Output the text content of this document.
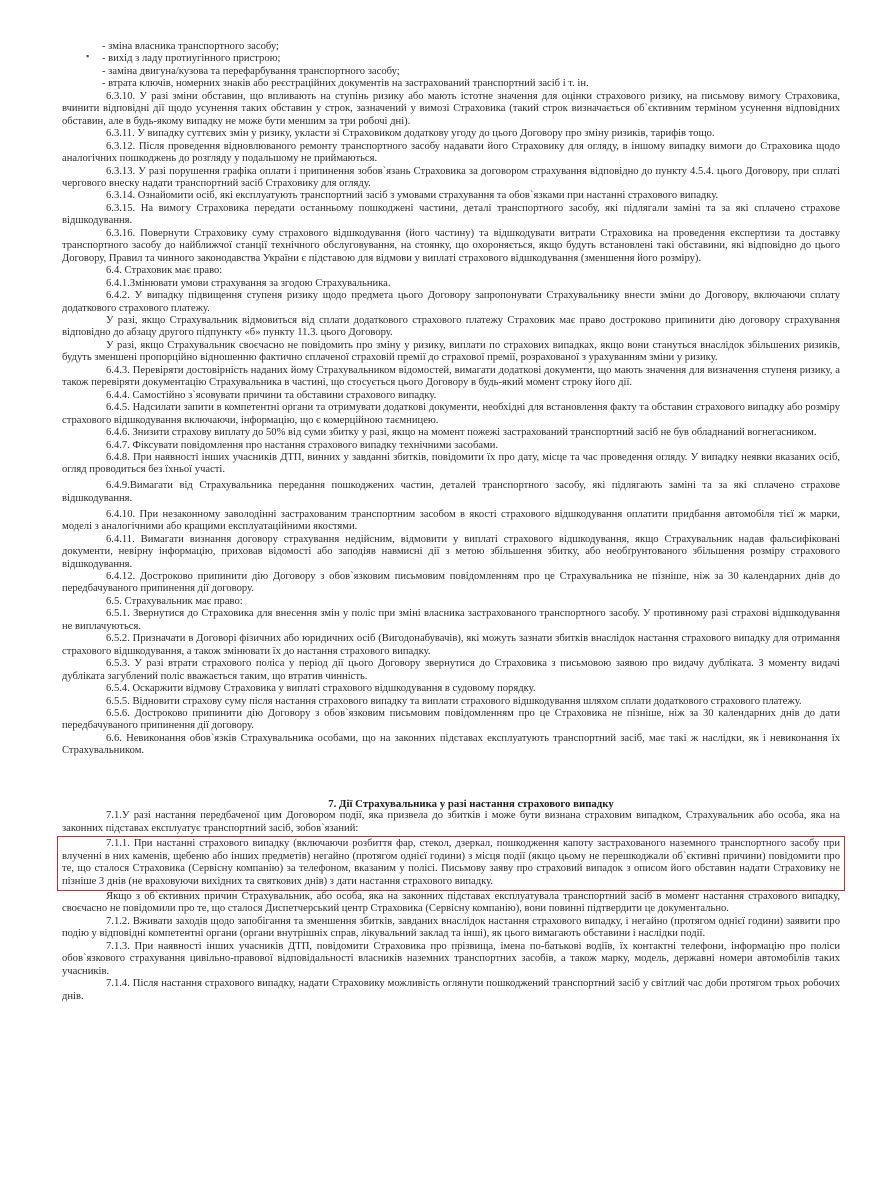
- зміна власника транспортного засобу;

- вихід з ладу протиугінного пристрою;

- заміна двигуна/кузова та перефарбування транспортного засобу;

- втрата ключів, номерних знаків або реєстраційних документів на застрахований транспортний засіб і т. ін.

6.3.10. У разі зміни обставин, що впливають на ступінь ризику або мають істотне значення для оцінки страхового ризику, на письмову вимогу Страховика, вчинити відповідні дії щодо усунення таких обставин у строк, зазначений у вимозі Страховика (такий строк визначається об`єктивним терміном усунення відповідних обставин, але в будь-якому випадку не може бути меншим за три робочі дні).

6.3.11. У випадку суттєвих змін у ризику, укласти зі Страховиком додаткову угоду до цього Договору про зміну ризиків, тарифів тощо.

6.3.12. Після проведення відновлюваного ремонту транспортного засобу надавати його Страховику для огляду, в іншому випадку вимоги до Страховика щодо аналогічних пошкоджень до розгляду у подальшому не приймаються.

6.3.13. У разі порушення графіка оплати і припинення зобов`язань Страховика за договором страхування відповідно до пункту 4.5.4. цього Договору, при сплаті чергового внеску надати транспортний засіб Страховику для огляду.

6.3.14. Ознайомити осіб, які експлуатують транспортний засіб з умовами страхування та обов`язками при настанні страхового випадку.

6.3.15. На вимогу Страховика передати останньому пошкоджені частини, деталі транспортного засобу, які підлягали заміні та за які сплачено страхове відшкодування.

6.3.16. Повернути Страховику суму страхового відшкодування (його частину) та відшкодувати витрати Страховика на проведення експертизи та доставку транспортного засобу до найближчої станції технічного обслуговування, на стоянку, що охороняється, якщо будуть встановлені такі обставини, які відповідно до цього Договору, Правил та чинного законодавства України є підставою для відмови у виплаті страхового відшкодування (зменшення його розміру).

6.4. Страховик має право:

6.4.1.Змінювати умови страхування за згодою Страхувальника.

6.4.2. У випадку підвищення ступеня ризику щодо предмета цього Договору запропонувати Страхувальнику внести зміни до Договору, включаючи сплату додаткового страхового платежу.

У разі, якщо Страхувальник відмовиться від сплати додаткового страхового платежу Страховик має право достроково припинити дію договору страхування відповідно до абзацу другого підпункту «б» пункту 11.3. цього Договору.

У разі, якщо Страхувальник своєчасно не повідомить про зміну у ризику, виплати по страхових випадках, якщо вони станутьcя внаслідок збільшених ризиків, будуть зменшені пропорційно відношенню фактично сплаченої страховій премії до страхової премії, розрахованої з урахуванням зміни у ризику.

6.4.3. Перевіряти достовірність наданих йому Страхувальником відомостей, вимагати додаткові документи, що мають значення для визначення ступеня ризику, а також перевіряти документацію Страхувальника в частині, що стосується цього Договору в будь-який момент строку його дії.

6.4.4. Самостійно з`ясовувати причини та обставини страхового випадку.

6.4.5. Надсилати запити в компетентні органи та отримувати додаткові документи, необхідні для встановлення факту та обставин страхового випадку або розміру страхового відшкодування включаючи, інформацію, що є комерційною таємницею.

6.4.6. Знизити страхову виплату до 50% від суми збитку у разі, якщо на момент пожежі застрахований транспортний засіб не був обладнаний вогнегасником.

6.4.7. Фіксувати повідомлення про настання страхового випадку технічними засобами.

6.4.8. При наявності інших учасників ДТП, винних у завданні збитків, повідомити їх про дату, місце та час проведення огляду. У випадку неявки вказаних осіб, огляд проводиться без їхньої участі.

6.4.9.Вимагати від Страхувальника передання пошкоджених частин, деталей транспортного засобу, які підлягають заміні та за які сплачено страхове відшкодування.

6.4.10. При незаконному заволодінні застрахованим транспортним засобом в якості страхового відшкодування оплатити придбання автомобіля тієї ж марки, моделі з аналогічними або кращими експлуатаційними якостями.

6.4.11. Вимагати визнання договору страхування недійсним, відмовити у виплаті страхового відшкодування, якщо Страхувальник надав фальсифіковані документи, невірну інформацію, приховав відомості або заподіяв навмисні дії з метою збільшення збитку, або необґрунтованого збільшення розміру страхового відшкодування.

6.4.12. Достроково припинити дію Договору з обов`язковим письмовим повідомленням про це Страхувальника не пізніше, ніж за 30 календарних днів до передбачуваного припинення дії договору.

6.5. Страхувальник має право:

6.5.1. Звернутися до Страховика для внесення змін у поліс при зміні власника застрахованого транспортного засобу. У противному разі страхові відшкодування не виплачуються.

6.5.2. Призначати в Договорі фізичних або юридичних осіб (Вигодонабувачів), які можуть зазнати збитків внаслідок настання страхового випадку для отримання страхового відшкодування, а також змінювати їх до настання страхового випадку.

6.5.3. У разі втрати страхового поліса у період дії цього Договору звернутися до Страховика з письмовою заявою про видачу дубліката. З моменту видачі дубліката загублений поліс вважається таким, що втратив чинність.

6.5.4. Оскаржити відмову Страховика у виплаті страхового відшкодування в судовому порядку.

6.5.5. Відновити страхову суму після настання страхового випадку та виплати страхового відшкодування шляхом сплати додаткового страхового платежу.

6.5.6. Достроково припинити дію Договору з обов`язковим письмовим повідомленням про це Страховика не пізніше, ніж за 30 календарних днів до дати передбачуваного припинення дії договору.

6.6. Невиконання обов`язків Страхувальника особами, що на законних підставах експлуатують транспортний засіб, має такі ж наслідки, як і невиконання їх Страхувальником.

7. Дії Страхувальника у разі настання страхового випадку

7.1.У разі настання передбаченої цим Договором події, яка призвела до збитків і може бути визнана страховим випадком, Страхувальник або особа, яка на законних підставах експлуатує транспортний засіб, зобов`язаний:

7.1.1. При настанні страхового випадку (включаючи розбиття фар, стекол, дзеркал, пошкодження капоту застрахованого наземного транспортного засобу при влученні в них каменів, щебеню або інших предметів) негайно (протягом однієї години) з місця події (якщо цьому не перешкоджали об`єктивні причини) повідомити про те, що сталося Страховика (Сервісну компанію) за телефоном, вказаним у полісі. Письмову заяву про страховий випадок з описом його обставин надати Страховику не пізніше 3 днів (не враховуючи вихідних та святкових днів) з дати настання страхового випадку.

Якщо з об`єктивних причин Страхувальник, або особа, яка на законних підставах експлуатувала транспортний засіб в момент настання страхового випадку, своєчасно не повідомили про те, що сталося Диспетчерський центр Страховика (Сервісну компанію), вони повинні підтвердити це документально.

7.1.2. Вживати заходів щодо запобігання та зменшення збитків, завданих внаслідок настання страхового випадку, і негайно (протягом однієї години) заявити про подію у відповідні компетентні органи (органи внутрішніх справ, лікувальний заклад та інші), як цього вимагають обставини і наслідки події.

7.1.3. При наявності інших учасників ДТП, повідомити Страховика про прізвища, імена по-батькові водіїв, їх контактні телефони, інформацію про поліси обов`язкового страхування цивільно-правової відповідальності власників наземних транспортних засобів, а також марку, модель, державні номери автомобілів таких учасників.

7.1.4. Після настання страхового випадку, надати Страховику можливість оглянути пошкоджений транспортний засіб у світлий час доби протягом трьох робочих днів.

▪
